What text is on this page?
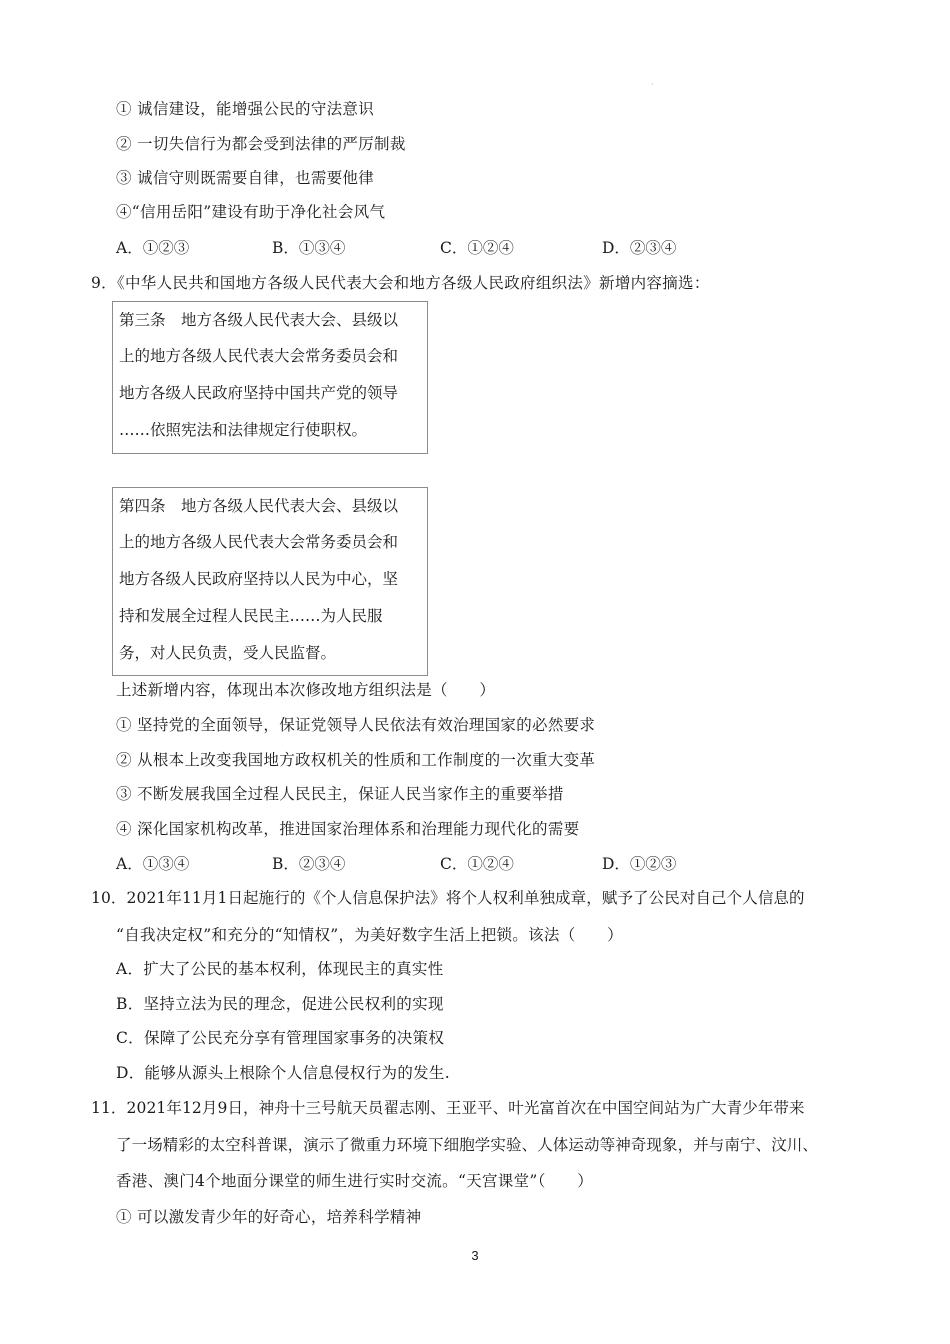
·
① 诚信建设，能增强公民的守法意识
② 一切失信行为都会受到法律的严厉制裁
③ 诚信守则既需要自律，也需要他律
④“信用岳阳”建设有助于净化社会风气
A．①②③	B．①③④	C．①②④	D．②③④
9．《中华人民共和国地方各级人民代表大会和地方各级人民政府组织法》新增内容摘选：
第三条　地方各级人民代表大会、县级以
上的地方各级人民代表大会常务委员会和
地方各级人民政府坚持中国共产党的领导
……依照宪法和法律规定行使职权。
第四条　地方各级人民代表大会、县级以
上的地方各级人民代表大会常务委员会和
地方各级人民政府坚持以人民为中心，坚
持和发展全过程人民民主……为人民服
务，对人民负责，受人民监督。
上述新增内容，体现出本次修改地方组织法是（　　）
① 坚持党的全面领导，保证党领导人民依法有效治理国家的必然要求
② 从根本上改变我国地方政权机关的性质和工作制度的一次重大变革
③ 不断发展我国全过程人民民主，保证人民当家作主的重要举措
④ 深化国家机构改革，推进国家治理体系和治理能力现代化的需要
A．①③④	B．②③④	C．①②④	D．①②③
10．2021年11月1日起施行的《个人信息保护法》将个人权利单独成章，赋予了公民对自己个人信息的
“自我决定权”和充分的“知情权”，为美好数字生活上把锁。该法（　　）
A．扩大了公民的基本权利，体现民主的真实性
B．坚持立法为民的理念，促进公民权利的实现
C．保障了公民充分享有管理国家事务的决策权
D．能够从源头上根除个人信息侵权行为的发生.
11．2021年12月9日，神舟十三号航天员翟志刚、王亚平、叶光富首次在中国空间站为广大青少年带来
了一场精彩的太空科普课，演示了微重力环境下细胞学实验、人体运动等神奇现象，并与南宁、汶川、
香港、澳门4个地面分课堂的师生进行实时交流。“天宫课堂”（　　）
① 可以激发青少年的好奇心，培养科学精神
3
